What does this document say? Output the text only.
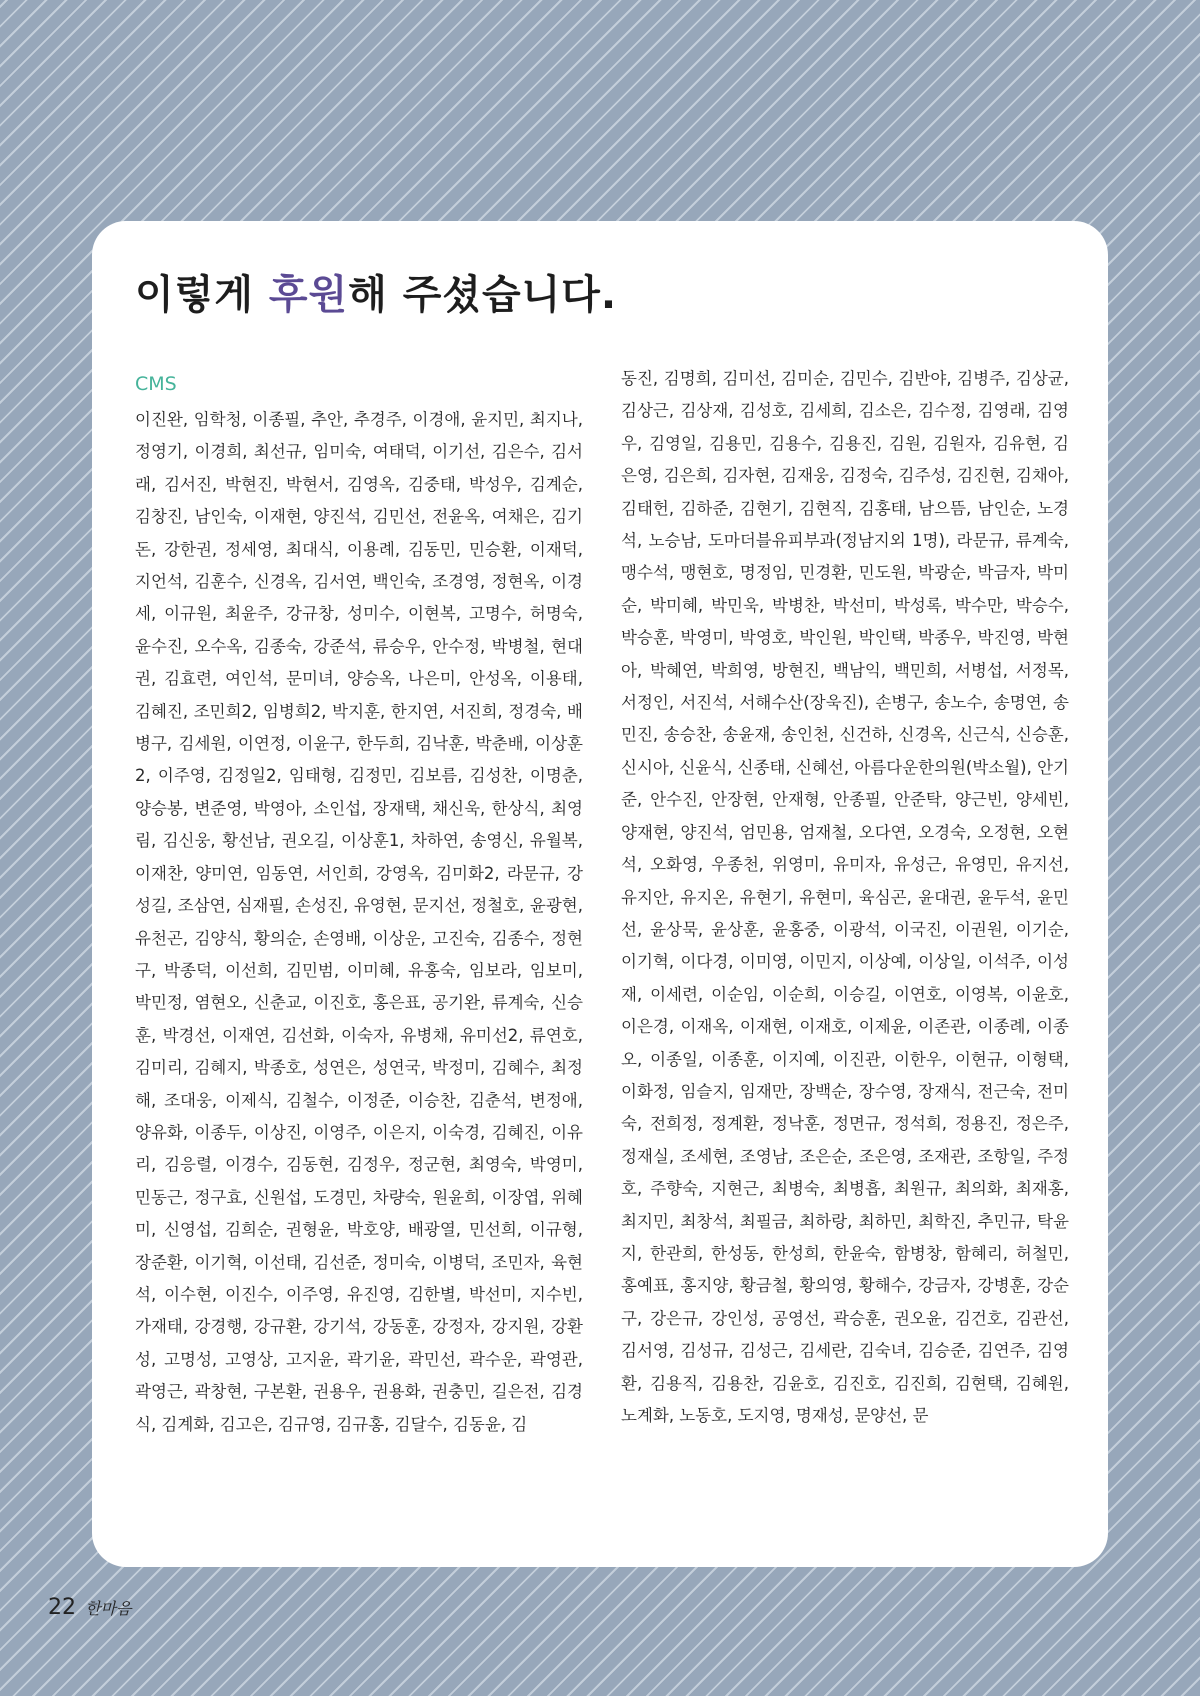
이렇게 후원해 주셨습니다.
CMS
이진완, 임학청, 이종필, 추안, 추경주, 이경애, 윤지민, 최지나, 정영기, 이경희, 최선규, 임미숙, 여태덕, 이기선, 김은수, 김서래, 김서진, 박현진, 박현서, 김영옥, 김중태, 박성우, 김계순, 김창진, 남인숙, 이재현, 양진석, 김민선, 전윤옥, 여채은, 김기돈, 강한권, 정세영, 최대식, 이용례, 김동민, 민승환, 이재덕, 지언석, 김훈수, 신경옥, 김서연, 백인숙, 조경영, 정현옥, 이경세, 이규원, 최윤주, 강규창, 성미수, 이현복, 고명수, 허명숙, 윤수진, 오수옥, 김종숙, 강준석, 류승우, 안수정, 박병철, 현대권, 김효련, 여인석, 문미녀, 양승옥, 나은미, 안성옥, 이용태, 김혜진, 조민희2, 임병희2, 박지훈, 한지연, 서진희, 정경숙, 배병구, 김세원, 이연정, 이윤구, 한두희, 김낙훈, 박춘배, 이상훈2, 이주영, 김정일2, 임태형, 김정민, 김보름, 김성찬, 이명춘, 양승봉, 변준영, 박영아, 소인섭, 장재택, 채신욱, 한상식, 최영림, 김신웅, 황선남, 권오길, 이상훈1, 차하연, 송영신, 유월복, 이재찬, 양미연, 임동연, 서인희, 강영옥, 김미화2, 라문규, 강성길, 조삼연, 심재필, 손성진, 유영현, 문지선, 정철호, 윤광현, 유천곤, 김양식, 황의순, 손영배, 이상운, 고진숙, 김종수, 정현구, 박종덕, 이선희, 김민범, 이미혜, 유홍숙, 임보라, 임보미, 박민정, 염현오, 신춘교, 이진호, 홍은표, 공기완, 류계숙, 신승훈, 박경선, 이재연, 김선화, 이숙자, 유병채, 유미선2, 류연호, 김미리, 김혜지, 박종호, 성연은, 성연국, 박정미, 김혜수, 최정해, 조대웅, 이제식, 김철수, 이정준, 이승찬, 김춘석, 변정애, 양유화, 이종두, 이상진, 이영주, 이은지, 이숙경, 김혜진, 이유리, 김응렬, 이경수, 김동현, 김정우, 정군현, 최영숙, 박영미, 민동근, 정구효, 신원섭, 도경민, 차량숙, 원윤희, 이장엽, 위혜미, 신영섭, 김희순, 권형윤, 박호양, 배광열, 민선희, 이규형, 장준환, 이기혁, 이선태, 김선준, 정미숙, 이병덕, 조민자, 육현석, 이수현, 이진수, 이주영, 유진영, 김한별, 박선미, 지수빈, 가재태, 강경행, 강규환, 강기석, 강동훈, 강정자, 강지원, 강환성, 고명성, 고영상, 고지윤, 곽기윤, 곽민선, 곽수운, 곽영관, 곽영근, 곽창현, 구본환, 권용우, 권용화, 권충민, 길은전, 김경식, 김계화, 김고은, 김규영, 김규홍, 김달수, 김동윤, 김
동진, 김명희, 김미선, 김미순, 김민수, 김반야, 김병주, 김상균, 김상근, 김상재, 김성호, 김세희, 김소은, 김수정, 김영래, 김영우, 김영일, 김용민, 김용수, 김용진, 김원, 김원자, 김유현, 김은영, 김은희, 김자현, 김재웅, 김정숙, 김주성, 김진현, 김채아, 김태헌, 김하준, 김현기, 김현직, 김홍태, 남으뜸, 남인순, 노경석, 노승남, 도마더블유피부과(정남지외 1명), 라문규, 류계숙, 맹수석, 맹현호, 명정임, 민경환, 민도원, 박광순, 박금자, 박미순, 박미혜, 박민욱, 박병찬, 박선미, 박성록, 박수만, 박승수, 박승훈, 박영미, 박영호, 박인원, 박인택, 박종우, 박진영, 박현아, 박혜연, 박희영, 방현진, 백남익, 백민희, 서병섭, 서정목, 서정인, 서진석, 서해수산(장욱진), 손병구, 송노수, 송명연, 송민진, 송승찬, 송윤재, 송인천, 신건하, 신경옥, 신근식, 신승훈, 신시아, 신윤식, 신종태, 신혜선, 아름다운한의원(박소월), 안기준, 안수진, 안장현, 안재형, 안종필, 안준탁, 양근빈, 양세빈, 양재현, 양진석, 엄민용, 엄재철, 오다연, 오경숙, 오정현, 오현석, 오화영, 우종천, 위영미, 유미자, 유성근, 유영민, 유지선, 유지안, 유지온, 유현기, 유현미, 육심곤, 윤대권, 윤두석, 윤민선, 윤상묵, 윤상훈, 윤홍중, 이광석, 이국진, 이권원, 이기순, 이기혁, 이다경, 이미영, 이민지, 이상예, 이상일, 이석주, 이성재, 이세련, 이순임, 이순희, 이승길, 이연호, 이영복, 이윤호, 이은경, 이재옥, 이재현, 이재호, 이제윤, 이존관, 이종례, 이종오, 이종일, 이종훈, 이지예, 이진관, 이한우, 이현규, 이형택, 이화정, 임슬지, 임재만, 장백순, 장수영, 장재식, 전근숙, 전미숙, 전희정, 정계환, 정낙훈, 정면규, 정석희, 정용진, 정은주, 정재실, 조세현, 조영남, 조은순, 조은영, 조재관, 조항일, 주정호, 주향숙, 지현근, 최병숙, 최병흡, 최원규, 최의화, 최재홍, 최지민, 최창석, 최필금, 최하랑, 최하민, 최학진, 추민규, 탁윤지, 한관희, 한성동, 한성희, 한윤숙, 함병창, 함혜리, 허철민, 홍예표, 홍지양, 황금철, 황의영, 황해수, 강금자, 강병훈, 강순구, 강은규, 강인성, 공영선, 곽승훈, 권오윤, 김건호, 김관선, 김서영, 김성규, 김성근, 김세란, 김숙녀, 김승준, 김연주, 김영환, 김용직, 김용찬, 김윤호, 김진호, 김진희, 김현택, 김혜원, 노계화, 노동호, 도지영, 명재성, 문양선, 문
22 한마음
